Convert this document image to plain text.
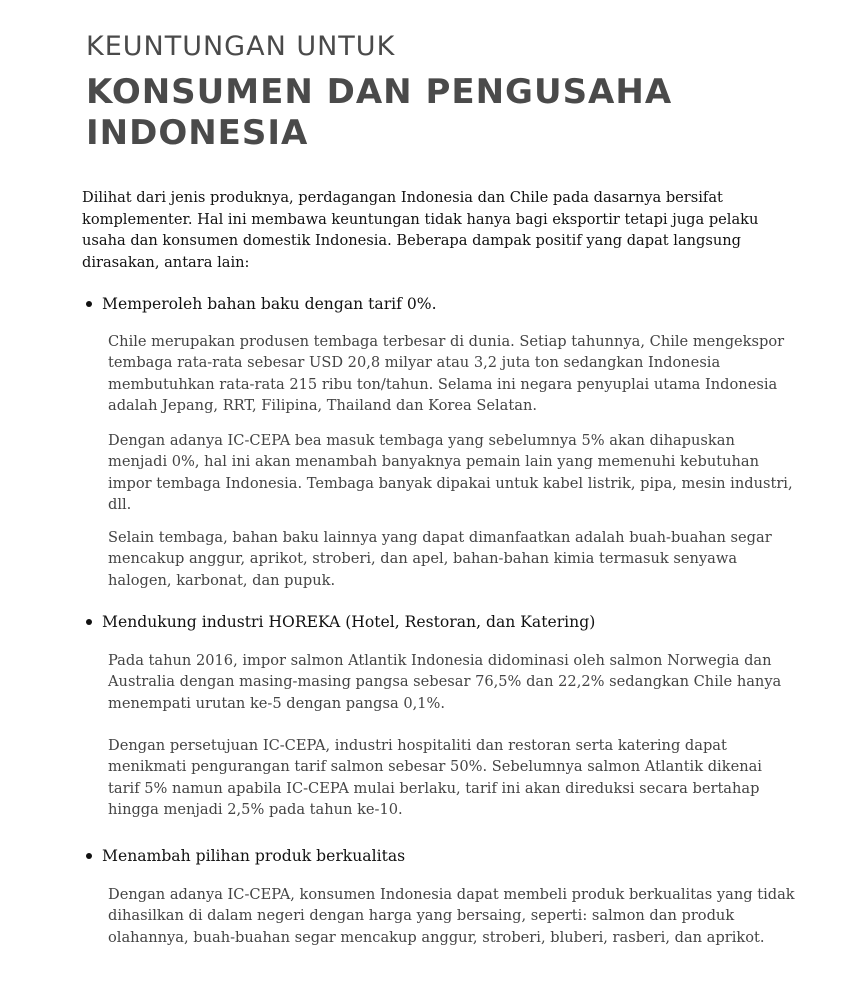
KEUNTUNGAN UNTUK
KONSUMEN DAN PENGUSAHA INDONESIA

Dilihat dari jenis produknya, perdagangan Indonesia dan Chile pada dasarnya bersifat komplementer. Hal ini membawa keuntungan tidak hanya bagi eksportir tetapi juga pelaku usaha dan konsumen domestik Indonesia. Beberapa dampak positif yang dapat langsung dirasakan, antara lain:

Memperoleh bahan baku dengan tarif 0%.

Chile merupakan produsen tembaga terbesar di dunia. Setiap tahunnya, Chile mengekspor tembaga rata-rata sebesar USD 20,8 milyar atau 3,2 juta ton sedangkan Indonesia membutuhkan rata-rata 215 ribu ton/tahun. Selama ini negara penyuplai utama Indonesia adalah Jepang, RRT, Filipina, Thailand dan Korea Selatan.

Dengan adanya IC-CEPA bea masuk tembaga yang sebelumnya 5% akan dihapuskan menjadi 0%, hal ini akan menambah banyaknya pemain lain yang memenuhi kebutuhan impor tembaga Indonesia. Tembaga banyak dipakai untuk kabel listrik, pipa, mesin industri, dll.

Selain tembaga, bahan baku lainnya yang dapat dimanfaatkan adalah buah-buahan segar mencakup anggur, aprikot, stroberi, dan apel, bahan-bahan kimia termasuk senyawa halogen, karbonat, dan pupuk.

Mendukung industri HOREKA (Hotel, Restoran, dan Katering)

Pada tahun 2016, impor salmon Atlantik Indonesia didominasi oleh salmon Norwegia dan Australia dengan masing-masing pangsa sebesar 76,5% dan 22,2% sedangkan Chile hanya menempati urutan ke-5 dengan pangsa 0,1%.

Dengan persetujuan IC-CEPA, industri hospitaliti dan restoran serta katering dapat menikmati pengurangan tarif salmon sebesar 50%. Sebelumnya salmon Atlantik dikenai tarif 5% namun apabila IC-CEPA mulai berlaku, tarif ini akan direduksi secara bertahap hingga menjadi 2,5% pada tahun ke-10.

Menambah pilihan produk berkualitas

Dengan adanya IC-CEPA, konsumen Indonesia dapat membeli produk berkualitas yang tidak dihasilkan di dalam negeri dengan harga yang bersaing, seperti: salmon dan produk olahannya, buah-buahan segar mencakup anggur, stroberi, bluberi, rasberi, dan aprikot.
